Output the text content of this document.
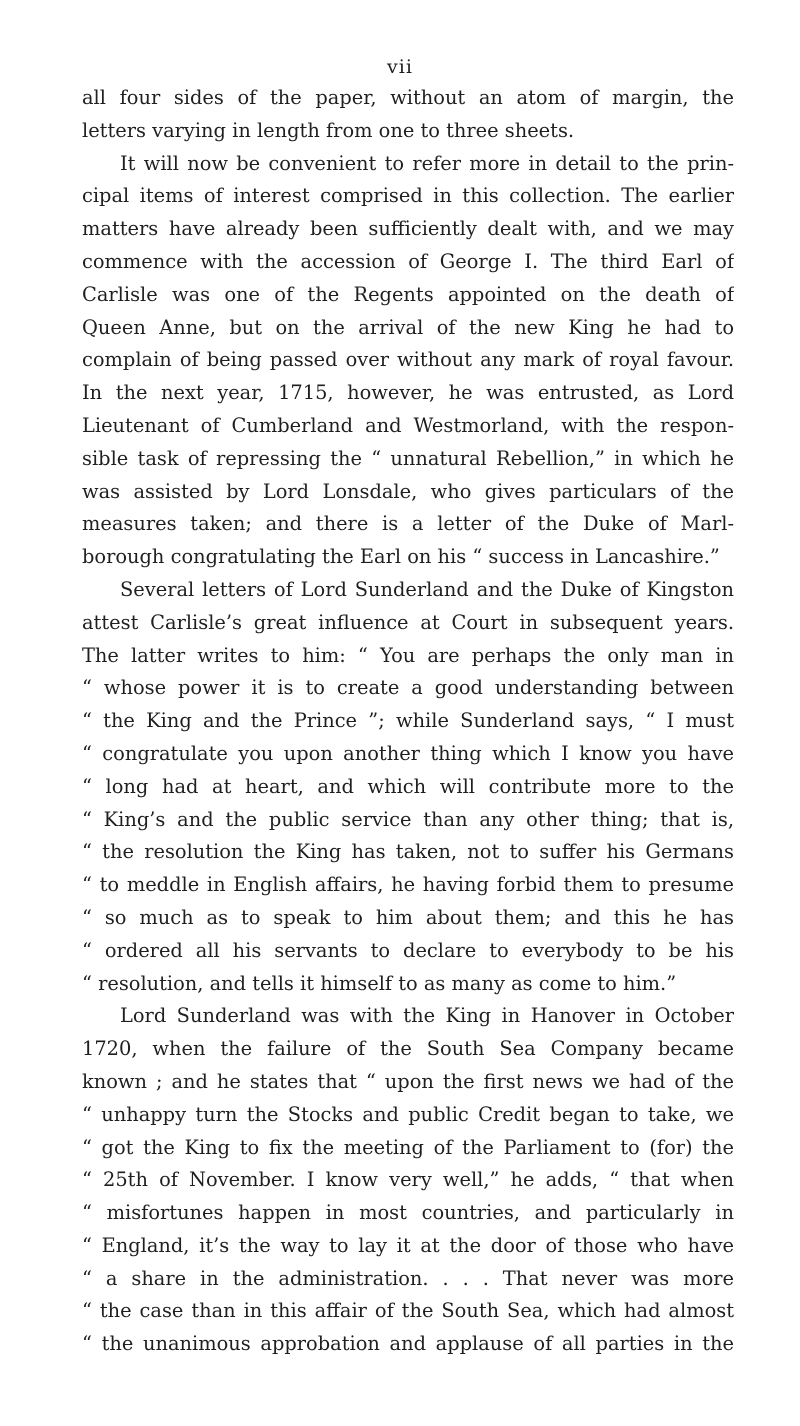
vii
all four sides of the paper, without an atom of margin, the
letters varying in length from one to three sheets.
It will now be convenient to refer more in detail to the prin-
cipal items of interest comprised in this collection. The earlier
matters have already been sufficiently dealt with, and we may
commence with the accession of George I. The third Earl of
Carlisle was one of the Regents appointed on the death of
Queen Anne, but on the arrival of the new King he had to
complain of being passed over without any mark of royal favour.
In the next year, 1715, however, he was entrusted, as Lord
Lieutenant of Cumberland and Westmorland, with the respon-
sible task of repressing the “ unnatural Rebellion,” in which he
was assisted by Lord Lonsdale, who gives particulars of the
measures taken; and there is a letter of the Duke of Marl-
borough congratulating the Earl on his “ success in Lancashire.”
Several letters of Lord Sunderland and the Duke of Kingston
attest Carlisle’s great influence at Court in subsequent years.
The latter writes to him: “ You are perhaps the only man in
“ whose power it is to create a good understanding between
“ the King and the Prince ”; while Sunderland says, “ I must
“ congratulate you upon another thing which I know you have
“ long had at heart, and which will contribute more to the
“ King’s and the public service than any other thing; that is,
“ the resolution the King has taken, not to suffer his Germans
“ to meddle in English affairs, he having forbid them to presume
“ so much as to speak to him about them; and this he has
“ ordered all his servants to declare to everybody to be his
“ resolution, and tells it himself to as many as come to him.”
Lord Sunderland was with the King in Hanover in October
1720, when the failure of the South Sea Company became
known ; and he states that “ upon the first news we had of the
“ unhappy turn the Stocks and public Credit began to take, we
“ got the King to fix the meeting of the Parliament to (for) the
“ 25th of November. I know very well,” he adds, “ that when
“ misfortunes happen in most countries, and particularly in
“ England, it’s the way to lay it at the door of those who have
“ a share in the administration. . . . That never was more
“ the case than in this affair of the South Sea, which had almost
“ the unanimous approbation and applause of all parties in the
